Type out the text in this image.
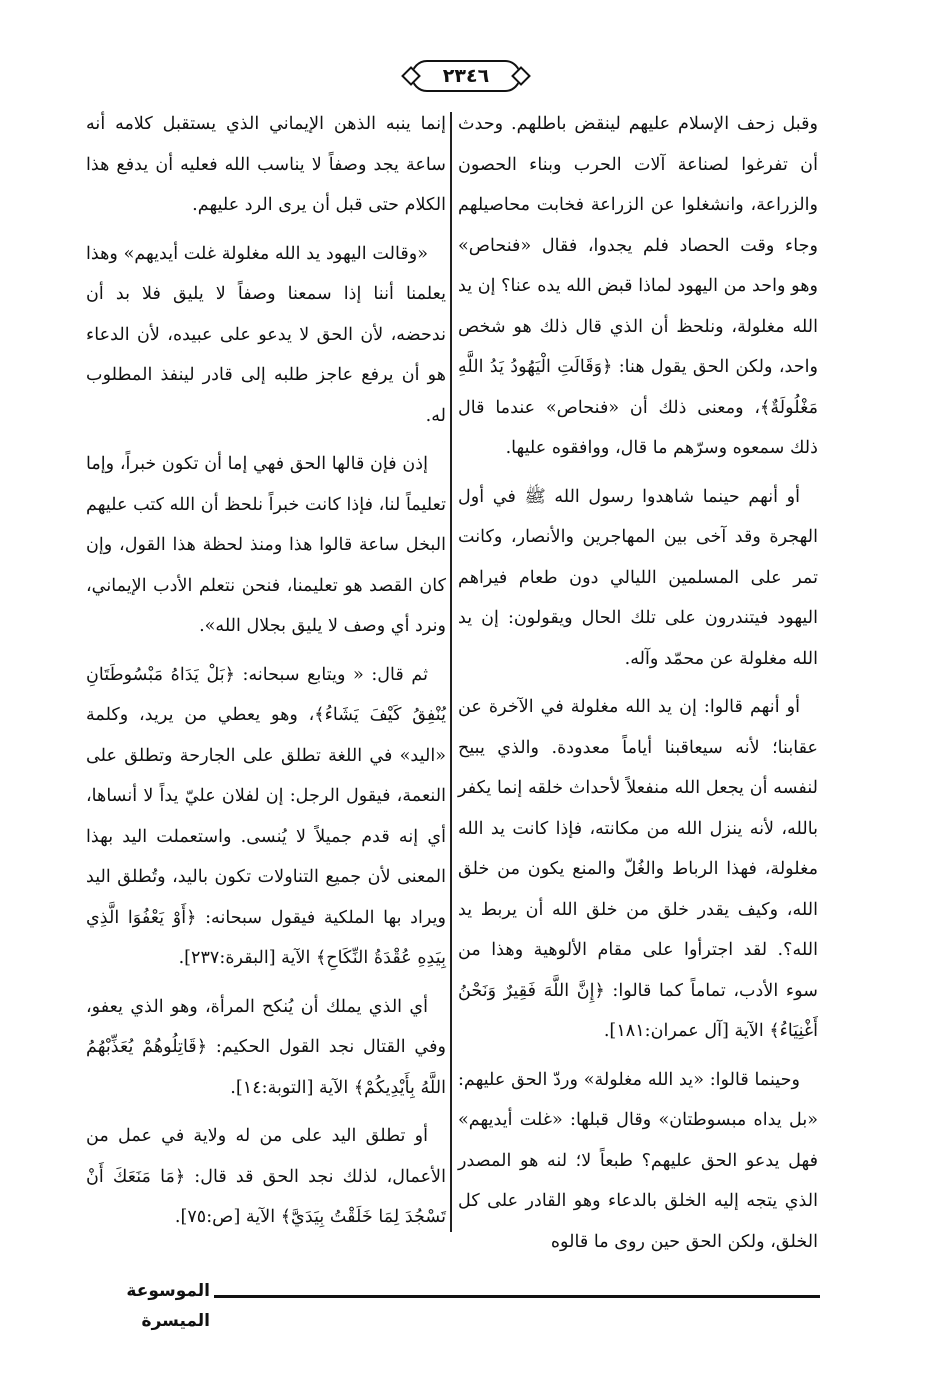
٢٣٤٦

وقبل زحف الإسلام عليهم لينقض باطلهم. وحدث أن تفرغوا لصناعة آلات الحرب وبناء الحصون والزراعة، وانشغلوا عن الزراعة فخابت محاصيلهم وجاء وقت الحصاد فلم يجدوا، فقال «فنحاص» وهو واحد من اليهود لماذا قبض الله يده عنا؟ إن يد الله مغلولة، ونلحظ أن الذي قال ذلك هو شخص واحد، ولكن الحق يقول هنا: ﴿وَقَالَتِ الْيَهُودُ يَدُ اللَّهِ مَغْلُولَةٌ﴾، ومعنى ذلك أن «فنحاص» عندما قال ذلك سمعوه وسرّهم ما قال، ووافقوه عليها.

أو أنهم حينما شاهدوا رسول الله ﷺ في أول الهجرة وقد آخى بين المهاجرين والأنصار، وكانت تمر على المسلمين الليالي دون طعام فيراهم اليهود فيتندرون على تلك الحال ويقولون: إن يد الله مغلولة عن محمّد وآله.

أو أنهم قالوا: إن يد الله مغلولة في الآخرة عن عقابنا؛ لأنه سيعاقبنا أياماً معدودة. والذي يبيح لنفسه أن يجعل الله منفعلاً لأحداث خلقه إنما يكفر بالله، لأنه ينزل الله من مكانته، فإذا كانت يد الله مغلولة، فهذا الرباط والغُلّ والمنع يكون من خلق الله، وكيف يقدر خلق من خلق الله أن يربط يد الله؟. لقد اجترأوا على مقام الألوهية وهذا من سوء الأدب، تماماً كما قالوا: ﴿إِنَّ اللَّهَ فَقِيرٌ وَنَحْنُ أَغْنِيَاءُ﴾ الآية [آل عمران:١٨١].

وحينما قالوا: «يد الله مغلولة» وردّ الحق عليهم: «بل يداه مبسوطتان» وقال قبلها: «غلت أيديهم» فهل يدعو الحق عليهم؟ طبعاً لا؛ لنه هو المصدر الذي يتجه إليه الخلق بالدعاء وهو القادر على كل الخلق، ولكن الحق حين روى ما قالوه

إنما ينبه الذهن الإيماني الذي يستقبل كلامه أنه ساعة يجد وصفاً لا يناسب الله فعليه أن يدفع هذا الكلام حتى قبل أن يرى الرد عليهم.

«وقالت اليهود يد الله مغلولة غلت أيديهم» وهذا يعلمنا أننا إذا سمعنا وصفاً لا يليق فلا بد أن ندحضه، لأن الحق لا يدعو على عبيده، لأن الدعاء هو أن يرفع عاجز طلبه إلى قادر لينفذ المطلوب له.

إذن فإن قالها الحق فهي إما أن تكون خبراً، وإما تعليماً لنا، فإذا كانت خبراً نلحظ أن الله كتب عليهم البخل ساعة قالوا هذا ومنذ لحظة هذا القول، وإن كان القصد هو تعليمنا، فنحن نتعلم الأدب الإيماني، ونرد أي وصف لا يليق بجلال الله».

ثم قال: « ويتابع سبحانه: ﴿بَلْ يَدَاهُ مَبْسُوطَتَانِ يُنْفِقُ كَيْفَ يَشَاءُ﴾، وهو يعطي من يريد، وكلمة «اليد» في اللغة تطلق على الجارحة وتطلق على النعمة، فيقول الرجل: إن لفلان عليّ يداً لا أنساها، أي إنه قدم جميلاً لا يُنسى. واستعملت اليد بهذا المعنى لأن جميع التناولات تكون باليد، وتُطلق اليد ويراد بها الملكية فيقول سبحانه: ﴿أَوْ يَعْفُوَا الَّذِي بِيَدِهِ عُقْدَةُ النِّكَاحِ﴾ الآية [البقرة:٢٣٧].

أي الذي يملك أن يُنكح المرأة، وهو الذي يعفو، وفي القتال نجد القول الحكيم: ﴿قَاتِلُوهُمْ يُعَذِّبْهُمُ اللَّهُ بِأَيْدِيكُمْ﴾ الآية [التوبة:١٤].

أو تطلق اليد على من له ولاية في عمل من الأعمال، لذلك نجد الحق قد قال: ﴿مَا مَنَعَكَ أَنْ تَسْجُدَ لِمَا خَلَقْتُ بِيَدَيَّ﴾ الآية [ص:٧٥].

الموسوعة الميسرة
